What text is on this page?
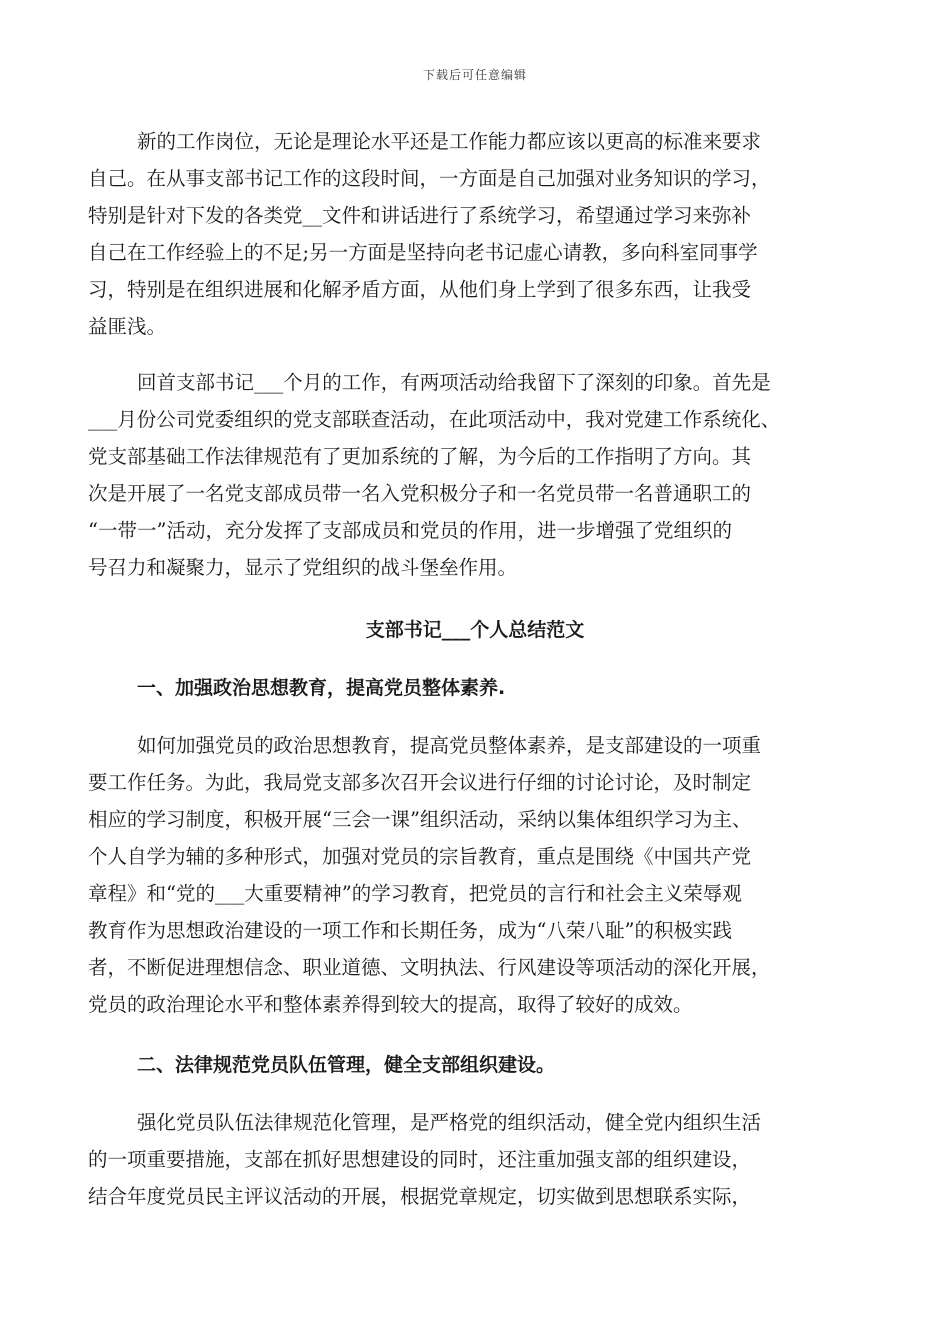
下载后可任意编辑
新的工作岗位，无论是理论水平还是工作能力都应该以更高的标准来要求
自己。在从事支部书记工作的这段时间，一方面是自己加强对业务知识的学习，
特别是针对下发的各类党__文件和讲话进行了系统学习，希望通过学习来弥补
自己在工作经验上的不足;另一方面是坚持向老书记虚心请教，多向科室同事学
习，特别是在组织进展和化解矛盾方面，从他们身上学到了很多东西，让我受
益匪浅。
回首支部书记___个月的工作，有两项活动给我留下了深刻的印象。首先是
___月份公司党委组织的党支部联查活动，在此项活动中，我对党建工作系统化、
党支部基础工作法律规范有了更加系统的了解，为今后的工作指明了方向。其
次是开展了一名党支部成员带一名入党积极分子和一名党员带一名普通职工的
“一带一”活动，充分发挥了支部成员和党员的作用，进一步增强了党组织的
号召力和凝聚力，显示了党组织的战斗堡垒作用。
支部书记___个人总结范文
一、加强政治思想教育，提高党员整体素养.
如何加强党员的政治思想教育，提高党员整体素养，是支部建设的一项重
要工作任务。为此，我局党支部多次召开会议进行仔细的讨论讨论，及时制定
相应的学习制度，积极开展“三会一课”组织活动，采纳以集体组织学习为主、
个人自学为辅的多种形式，加强对党员的宗旨教育，重点是围绕《中国共产党
章程》和“党的___大重要精神”的学习教育，把党员的言行和社会主义荣辱观
教育作为思想政治建设的一项工作和长期任务，成为“八荣八耻”的积极实践
者，不断促进理想信念、职业道德、文明执法、行风建设等项活动的深化开展，
党员的政治理论水平和整体素养得到较大的提高，取得了较好的成效。
二、法律规范党员队伍管理，健全支部组织建设。
强化党员队伍法律规范化管理，是严格党的组织活动，健全党内组织生活
的一项重要措施，支部在抓好思想建设的同时，还注重加强支部的组织建设，
结合年度党员民主评议活动的开展，根据党章规定，切实做到思想联系实际，
